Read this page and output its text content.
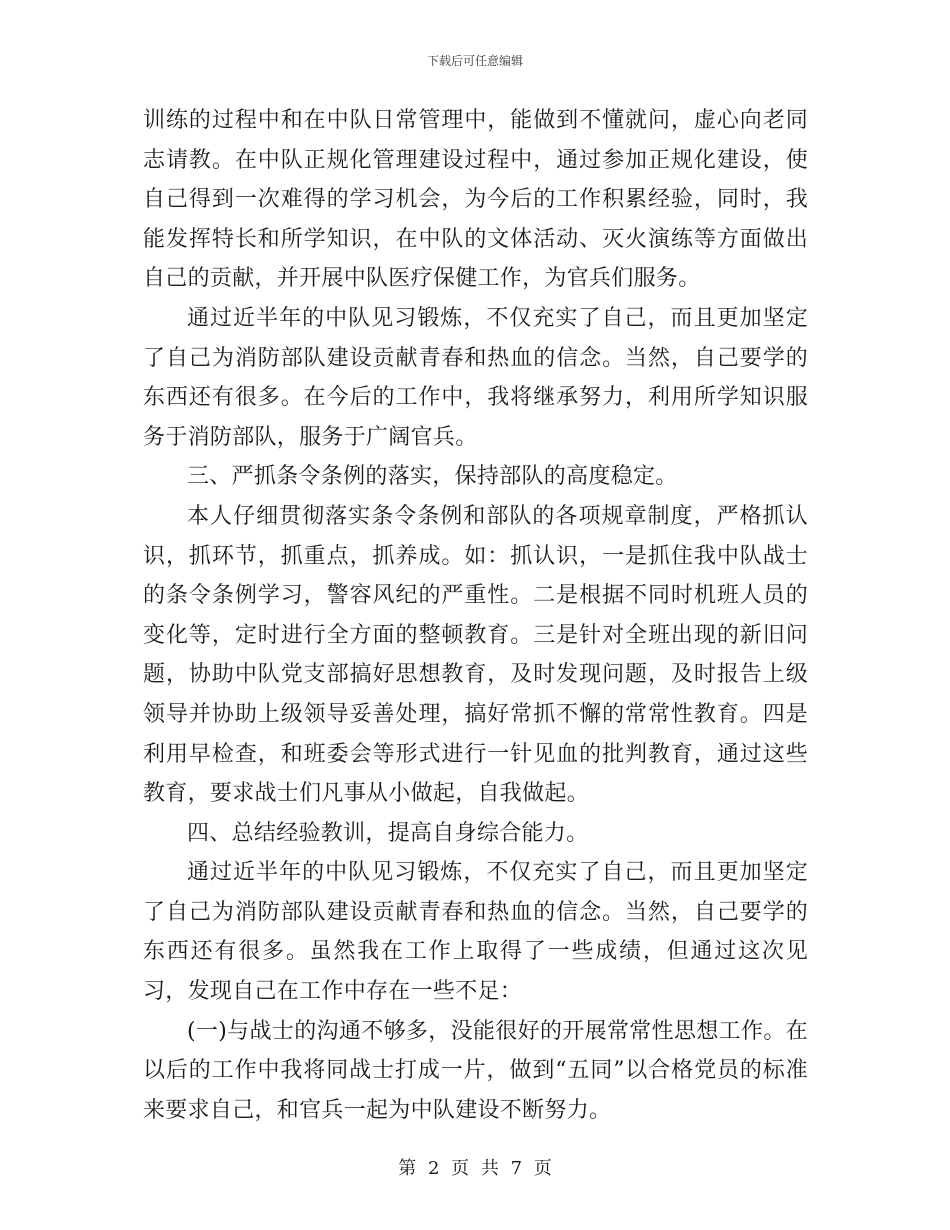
下载后可任意编辑

训练的过程中和在中队日常管理中，能做到不懂就问，虚心向老同志请教。在中队正规化管理建设过程中，通过参加正规化建设，使自己得到一次难得的学习机会，为今后的工作积累经验，同时，我能发挥特长和所学知识，在中队的文体活动、灭火演练等方面做出自己的贡献，并开展中队医疗保健工作，为官兵们服务。

通过近半年的中队见习锻炼，不仅充实了自己，而且更加坚定了自己为消防部队建设贡献青春和热血的信念。当然，自己要学的东西还有很多。在今后的工作中，我将继承努力，利用所学知识服务于消防部队，服务于广阔官兵。

三、严抓条令条例的落实，保持部队的高度稳定。

本人仔细贯彻落实条令条例和部队的各项规章制度，严格抓认识，抓环节，抓重点，抓养成。如：抓认识，一是抓住我中队战士的条令条例学习，警容风纪的严重性。二是根据不同时机班人员的变化等，定时进行全方面的整顿教育。三是针对全班出现的新旧问题，协助中队党支部搞好思想教育，及时发现问题，及时报告上级领导并协助上级领导妥善处理，搞好常抓不懈的常常性教育。四是利用早检查，和班委会等形式进行一针见血的批判教育，通过这些教育，要求战士们凡事从小做起，自我做起。

四、总结经验教训，提高自身综合能力。

通过近半年的中队见习锻炼，不仅充实了自己，而且更加坚定了自己为消防部队建设贡献青春和热血的信念。当然，自己要学的东西还有很多。虽然我在工作上取得了一些成绩，但通过这次见习，发现自己在工作中存在一些不足：

(一)与战士的沟通不够多，没能很好的开展常常性思想工作。在以后的工作中我将同战士打成一片，做到“五同”以合格党员的标准来要求自己，和官兵一起为中队建设不断努力。

第 2 页 共 7 页
